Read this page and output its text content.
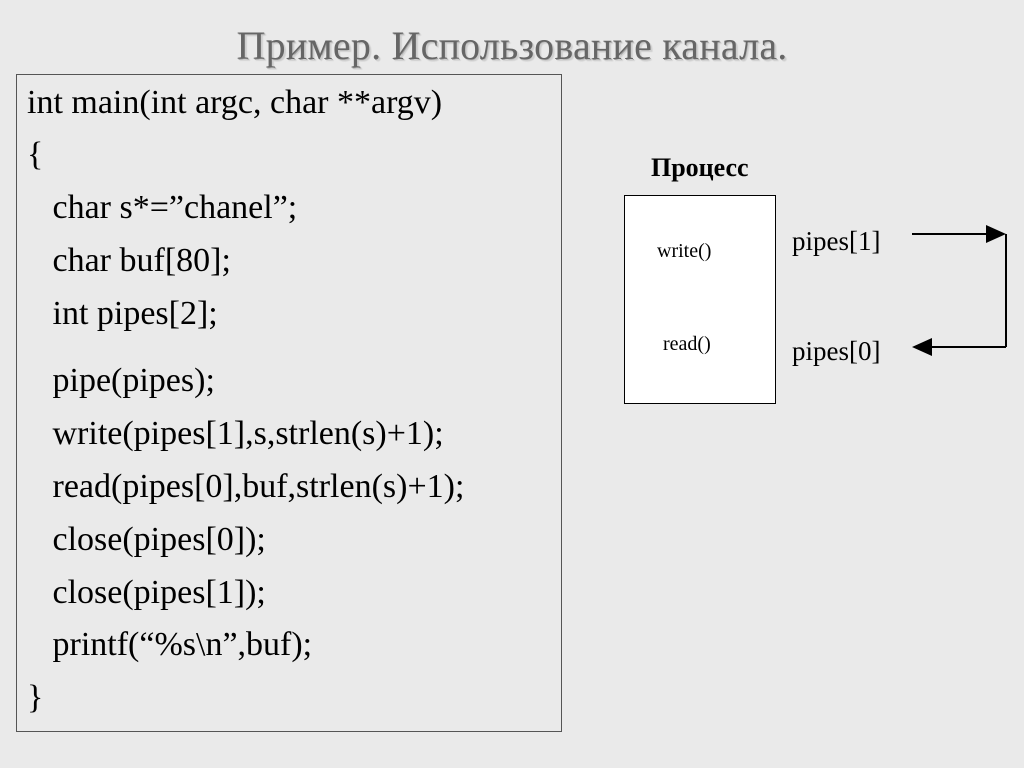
Пример. Использование канала.
int main(int argc, char **argv)
{
char s*=”chanel”;
char buf[80];
int pipes[2];
pipe(pipes);
write(pipes[1],s,strlen(s)+1);
read(pipes[0],buf,strlen(s)+1);
close(pipes[0]);
close(pipes[1]);
printf(“%s\n”,buf);
}
Процесс
write()
read()
pipes[1]
pipes[0]
